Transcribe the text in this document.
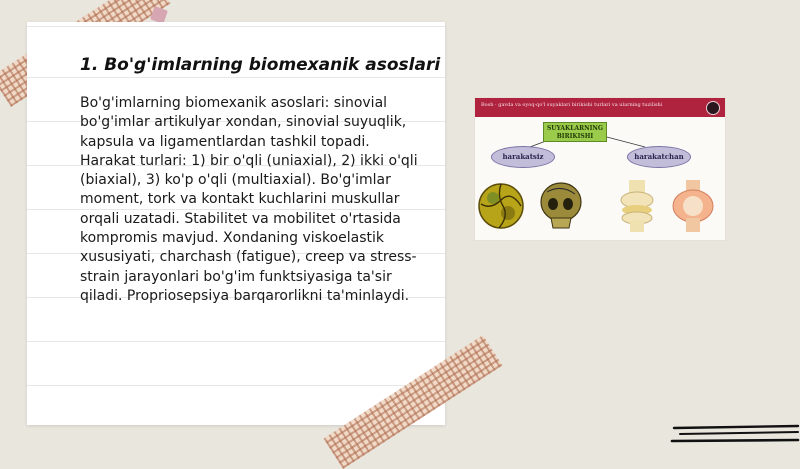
1. Bo'g'imlarning biomexanik asoslari

Bo'g'imlarning biomexanik asoslari: sinovial bo'g'imlar artikulyar xondan, sinovial suyuqlik, kapsula va ligamentlardan tashkil topadi. Harakat turlari: 1) bir o'qli (uniaxial), 2) ikki o'qli (biaxial), 3) ko'p o'qli (multiaxial). Bo'g'imlar moment, tork va kontakt kuchlarini muskullar orqali uzatadi. Stabilitet va mobilitet o'rtasida kompromis mavjud. Xondaning viskoelastik xususiyati, charchash (fatigue), creep va stress-strain jarayonlari bo'g'im funktsiyasiga ta'sir qiladi. Propriosepsiya barqarorlikni ta'minlaydi.

Bosh · gavda va oyoq-qo'l suyaklari birikishi turlari va ularning tuzilishi
SUYAKLARNING BIRIKISHI
harakatsiz	harakatchan
